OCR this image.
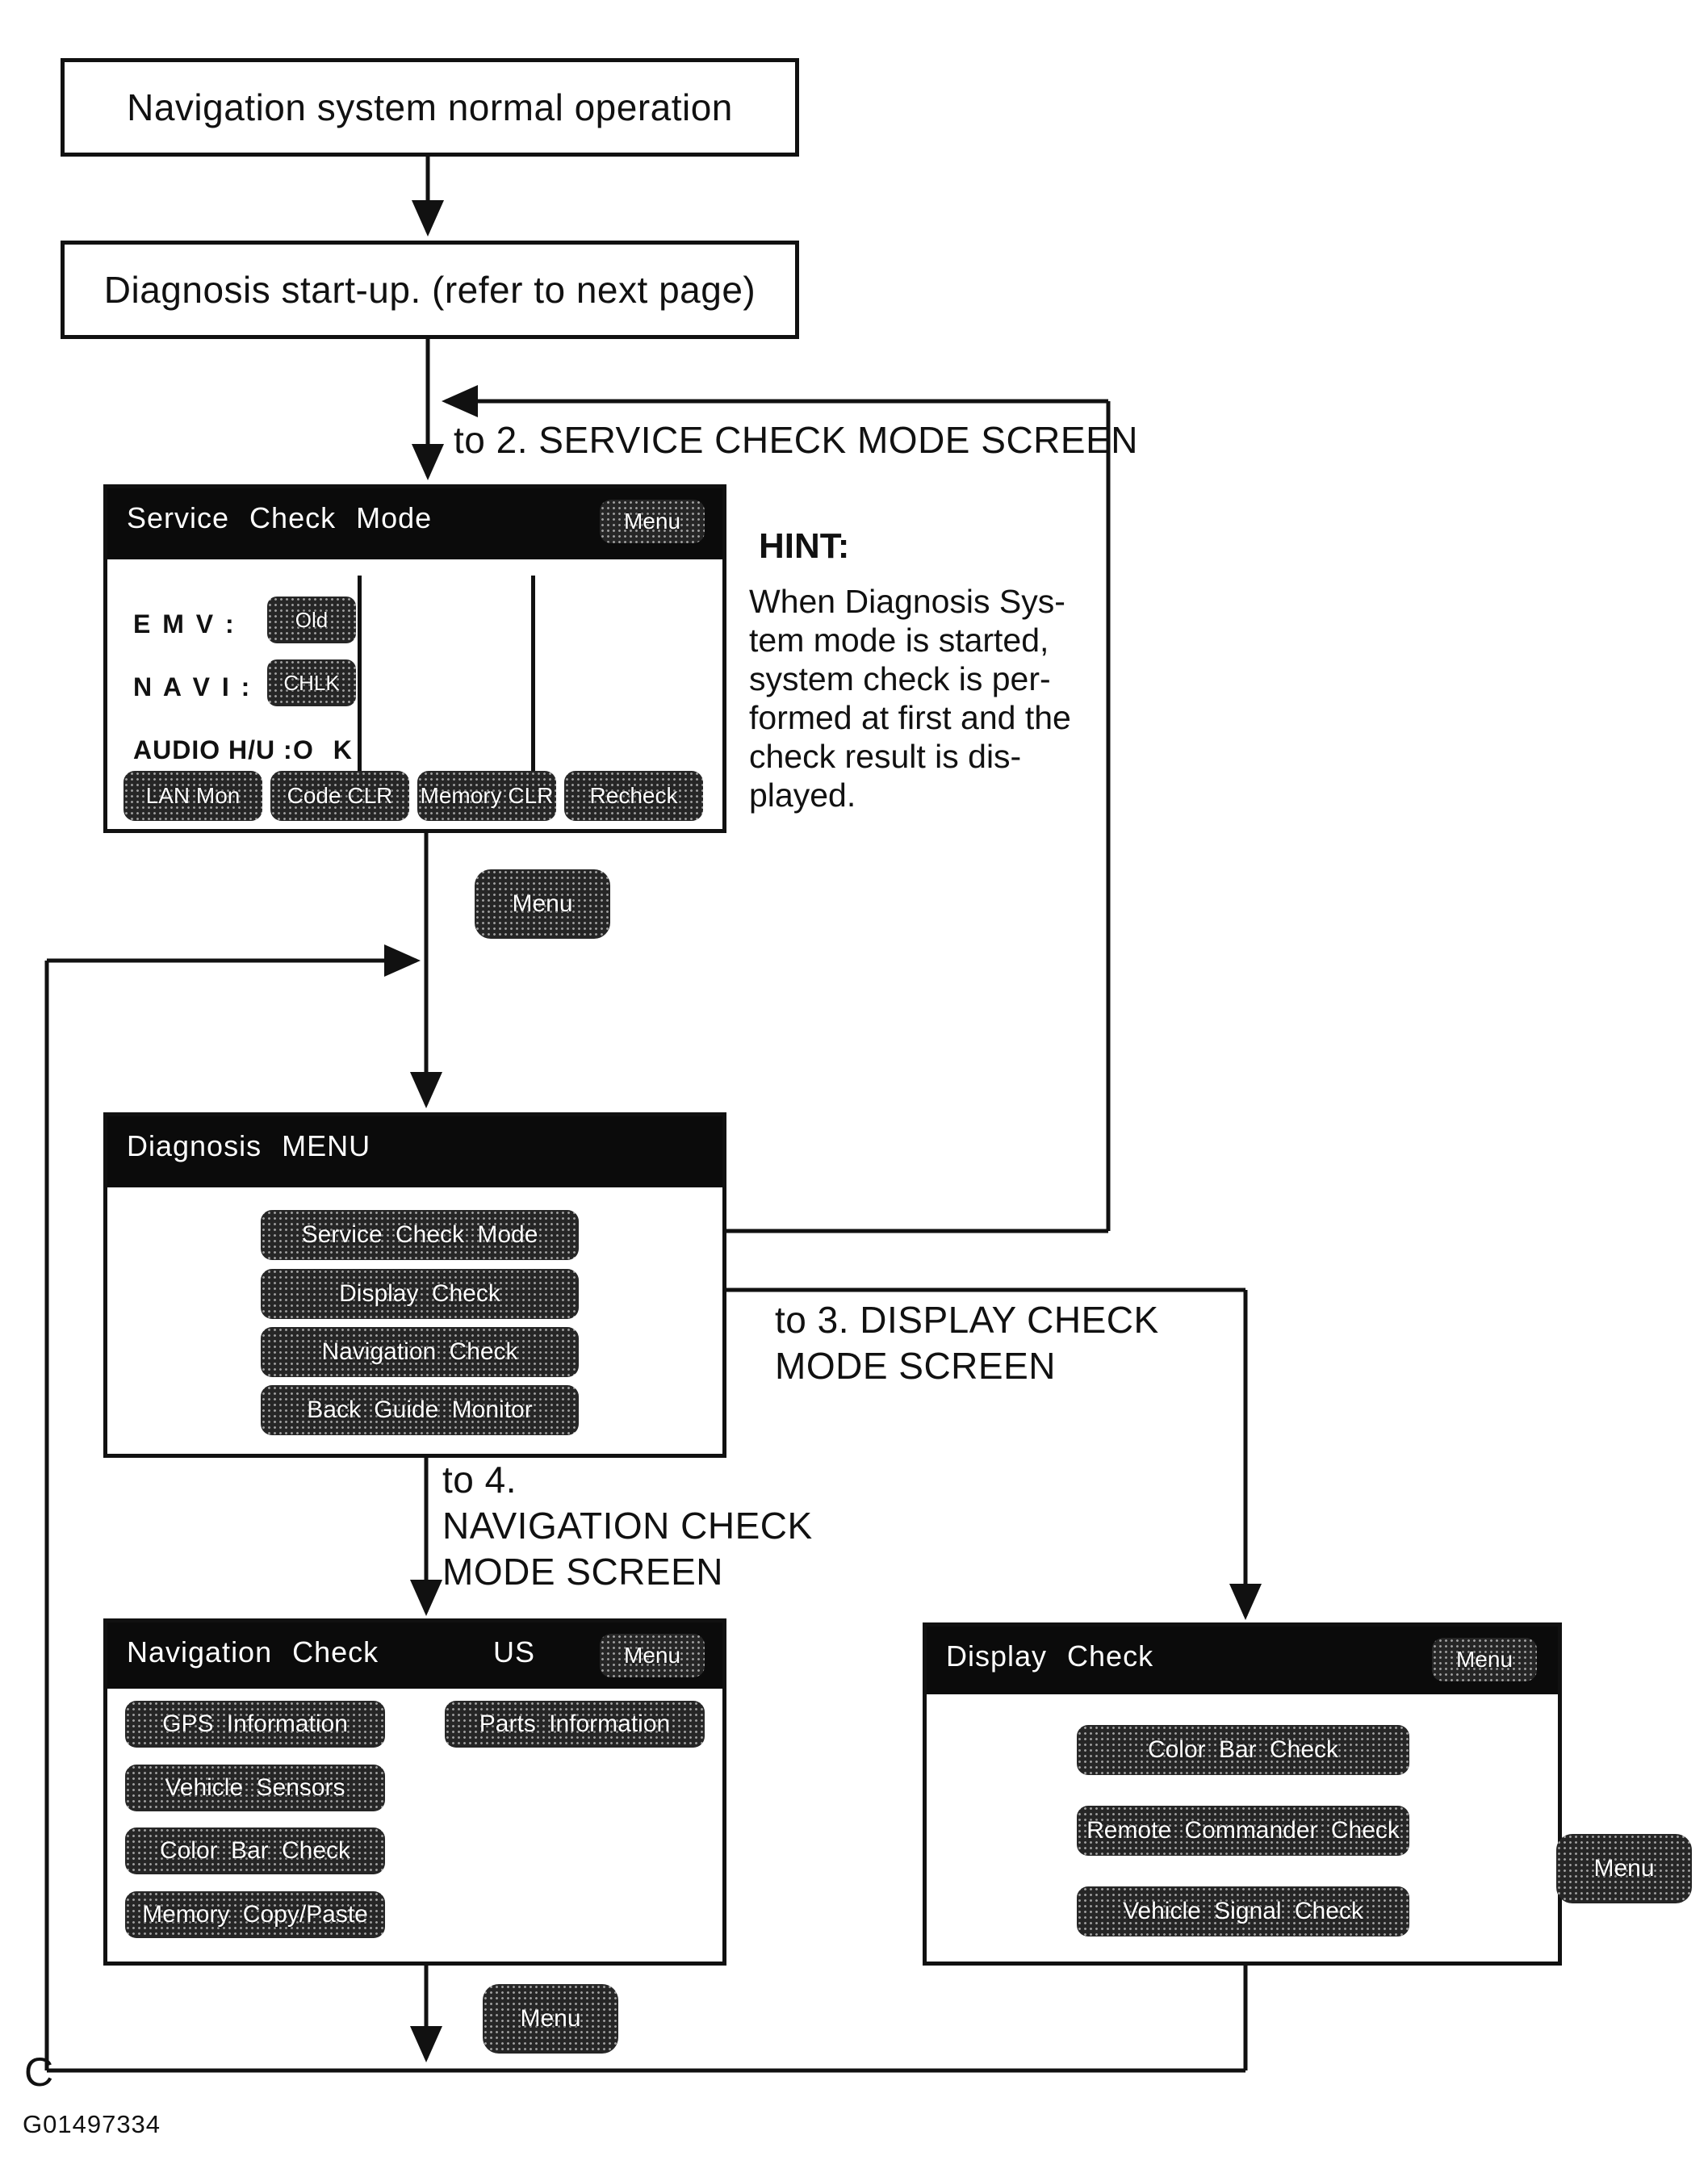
Navigation system normal operation
Diagnosis start-up. (refer to next page)
to 2. SERVICE CHECK MODE SCREEN
Service Check Mode	Menu
E M V :	Old
N A V I :	CHLK
AUDIO H/U : O K
LAN Mon	Code CLR	Memory CLR	Recheck
HINT:
When Diagnosis Sys-
tem mode is started,
system check is per-
formed at first and the
check result is dis-
played.
Menu
Diagnosis MENU
Service Check Mode
Display Check
Navigation Check
Back Guide Monitor
to 3. DISPLAY CHECK
MODE SCREEN
to 4.
NAVIGATION CHECK
MODE SCREEN
Navigation Check	US	Menu
GPS Information	Parts Information
Vehicle Sensors
Color Bar Check
Memory Copy/Paste
Display Check	Menu
Color Bar Check
Remote Commander Check
Vehicle Signal Check
Menu
Menu
C
G01497334
